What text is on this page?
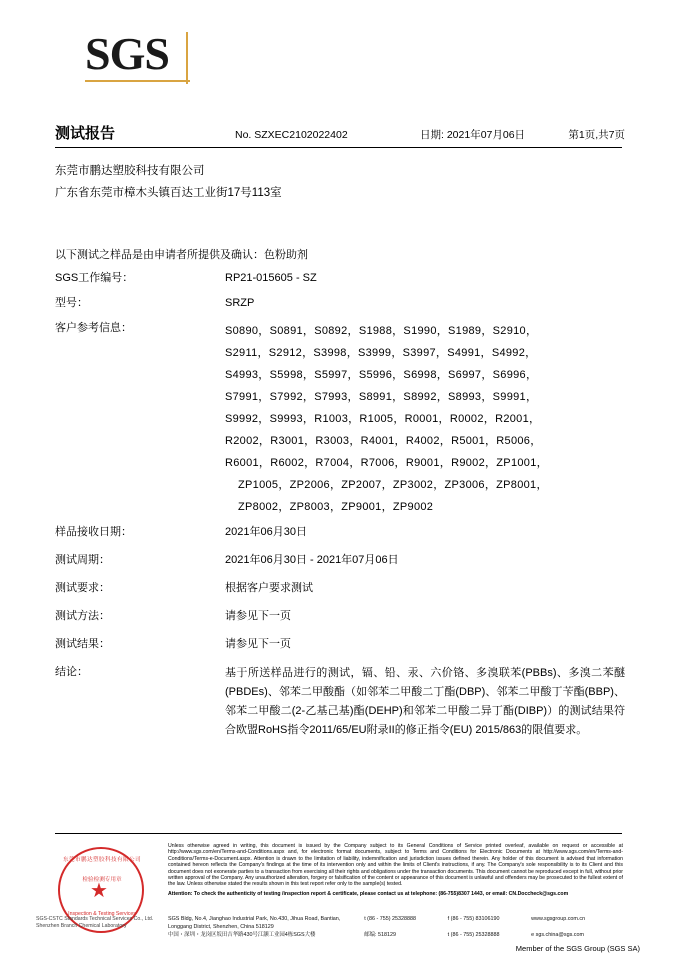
SGS
测试报告	No. SZXEC2102022402	日期: 2021年07月06日	第1页,共7页
东莞市鹏达塑胶科技有限公司
广东省东莞市樟木头镇百达工业街17号113室
以下测试之样品是由申请者所提供及确认：色粉助剂
SGS工作编号：	RP21-015605 - SZ
型号：	SRZP
客户参考信息：	S0890，S0891，S0892，S1988，S1990，S1989，S2910，
S2911，S2912，S3998，S3999，S3997，S4991，S4992，
S4993，S5998，S5997，S5996，S6998，S6997，S6996，
S7991，S7992，S7993，S8991，S8992，S8993，S9991，
S9992，S9993，R1003，R1005，R0001，R0002，R2001，
R2002，R3001，R3003，R4001，R4002，R5001，R5006，
R6001，R6002，R7004，R7006，R9001，R9002，ZP1001，
ZP1005，ZP2006，ZP2007，ZP3002，ZP3006，ZP8001，
ZP8002，ZP8003，ZP9001，ZP9002
样品接收日期：	2021年06月30日
测试周期：	2021年06月30日 - 2021年07月06日
测试要求：	根据客户要求测试
测试方法：	请参见下一页
测试结果：	请参见下一页
结论：	基于所送样品进行的测试，镉、铅、汞、六价铬、多溴联苯(PBBs)、多溴二苯醚(PBDEs)、邻苯二甲酸酯（如邻苯二甲酸二丁酯(DBP)、邻苯二甲酸丁苄酯(BBP)、邻苯二甲酸二(2-乙基己基)酯(DEHP)和邻苯二甲酸二异丁酯(DIBP)）的测试结果符合欧盟RoHS指令2011/65/EU附录II的修正指令(EU) 2015/863的限值要求。
东莞市鹏达塑胶科技有限公司
检验检测专用章
Inspection & Testing Services
★
SGS-CSTC Standards Technical Services Co., Ltd.
Shenzhen Branch Chemical Laboratory
Unless otherwise agreed in writing, this document is issued by the Company subject to its General Conditions of Service printed overleaf, available on request or accessible at http://www.sgs.com/en/Terms-and-Conditions.aspx and, for electronic format documents, subject to Terms and Conditions for Electronic Documents at http://www.sgs.com/en/Terms-and-Conditions/Terms-e-Document.aspx. Attention is drawn to the limitation of liability, indemnification and jurisdiction issues defined therein. Any holder of this document is advised that information contained hereon reflects the Company's findings at the time of its intervention only and within the limits of Client's instructions, if any. The Company's sole responsibility is to its Client and this document does not exonerate parties to a transaction from exercising all their rights and obligations under the transaction documents. This document cannot be reproduced except in full, without prior written approval of the Company. Any unauthorized alteration, forgery or falsification of the content or appearance of this document is unlawful and offenders may be prosecuted to the fullest extent of the law. Unless otherwise stated the results shown in this test report refer only to the sample(s) tested.
Attention: To check the authenticity of testing /inspection report & certificate, please contact us at telephone: (86-755)8307 1443, or email: CN.Doccheck@sgs.com
SGS Bldg, No.4, Jianghao Industrial Park, No.430, Jihua Road, Bantian, Longgang District, Shenzhen, China 518129
t (86 - 755) 25328888	f (86 - 755) 83106190	www.sgsgroup.com.cn
中国・深圳・龙岗区坂田吉华路430号江灏工业园4栋SGS大楼	邮编: 518129	t (86 - 755) 25328888	e sgs.china@sgs.com
Member of the SGS Group (SGS SA)
